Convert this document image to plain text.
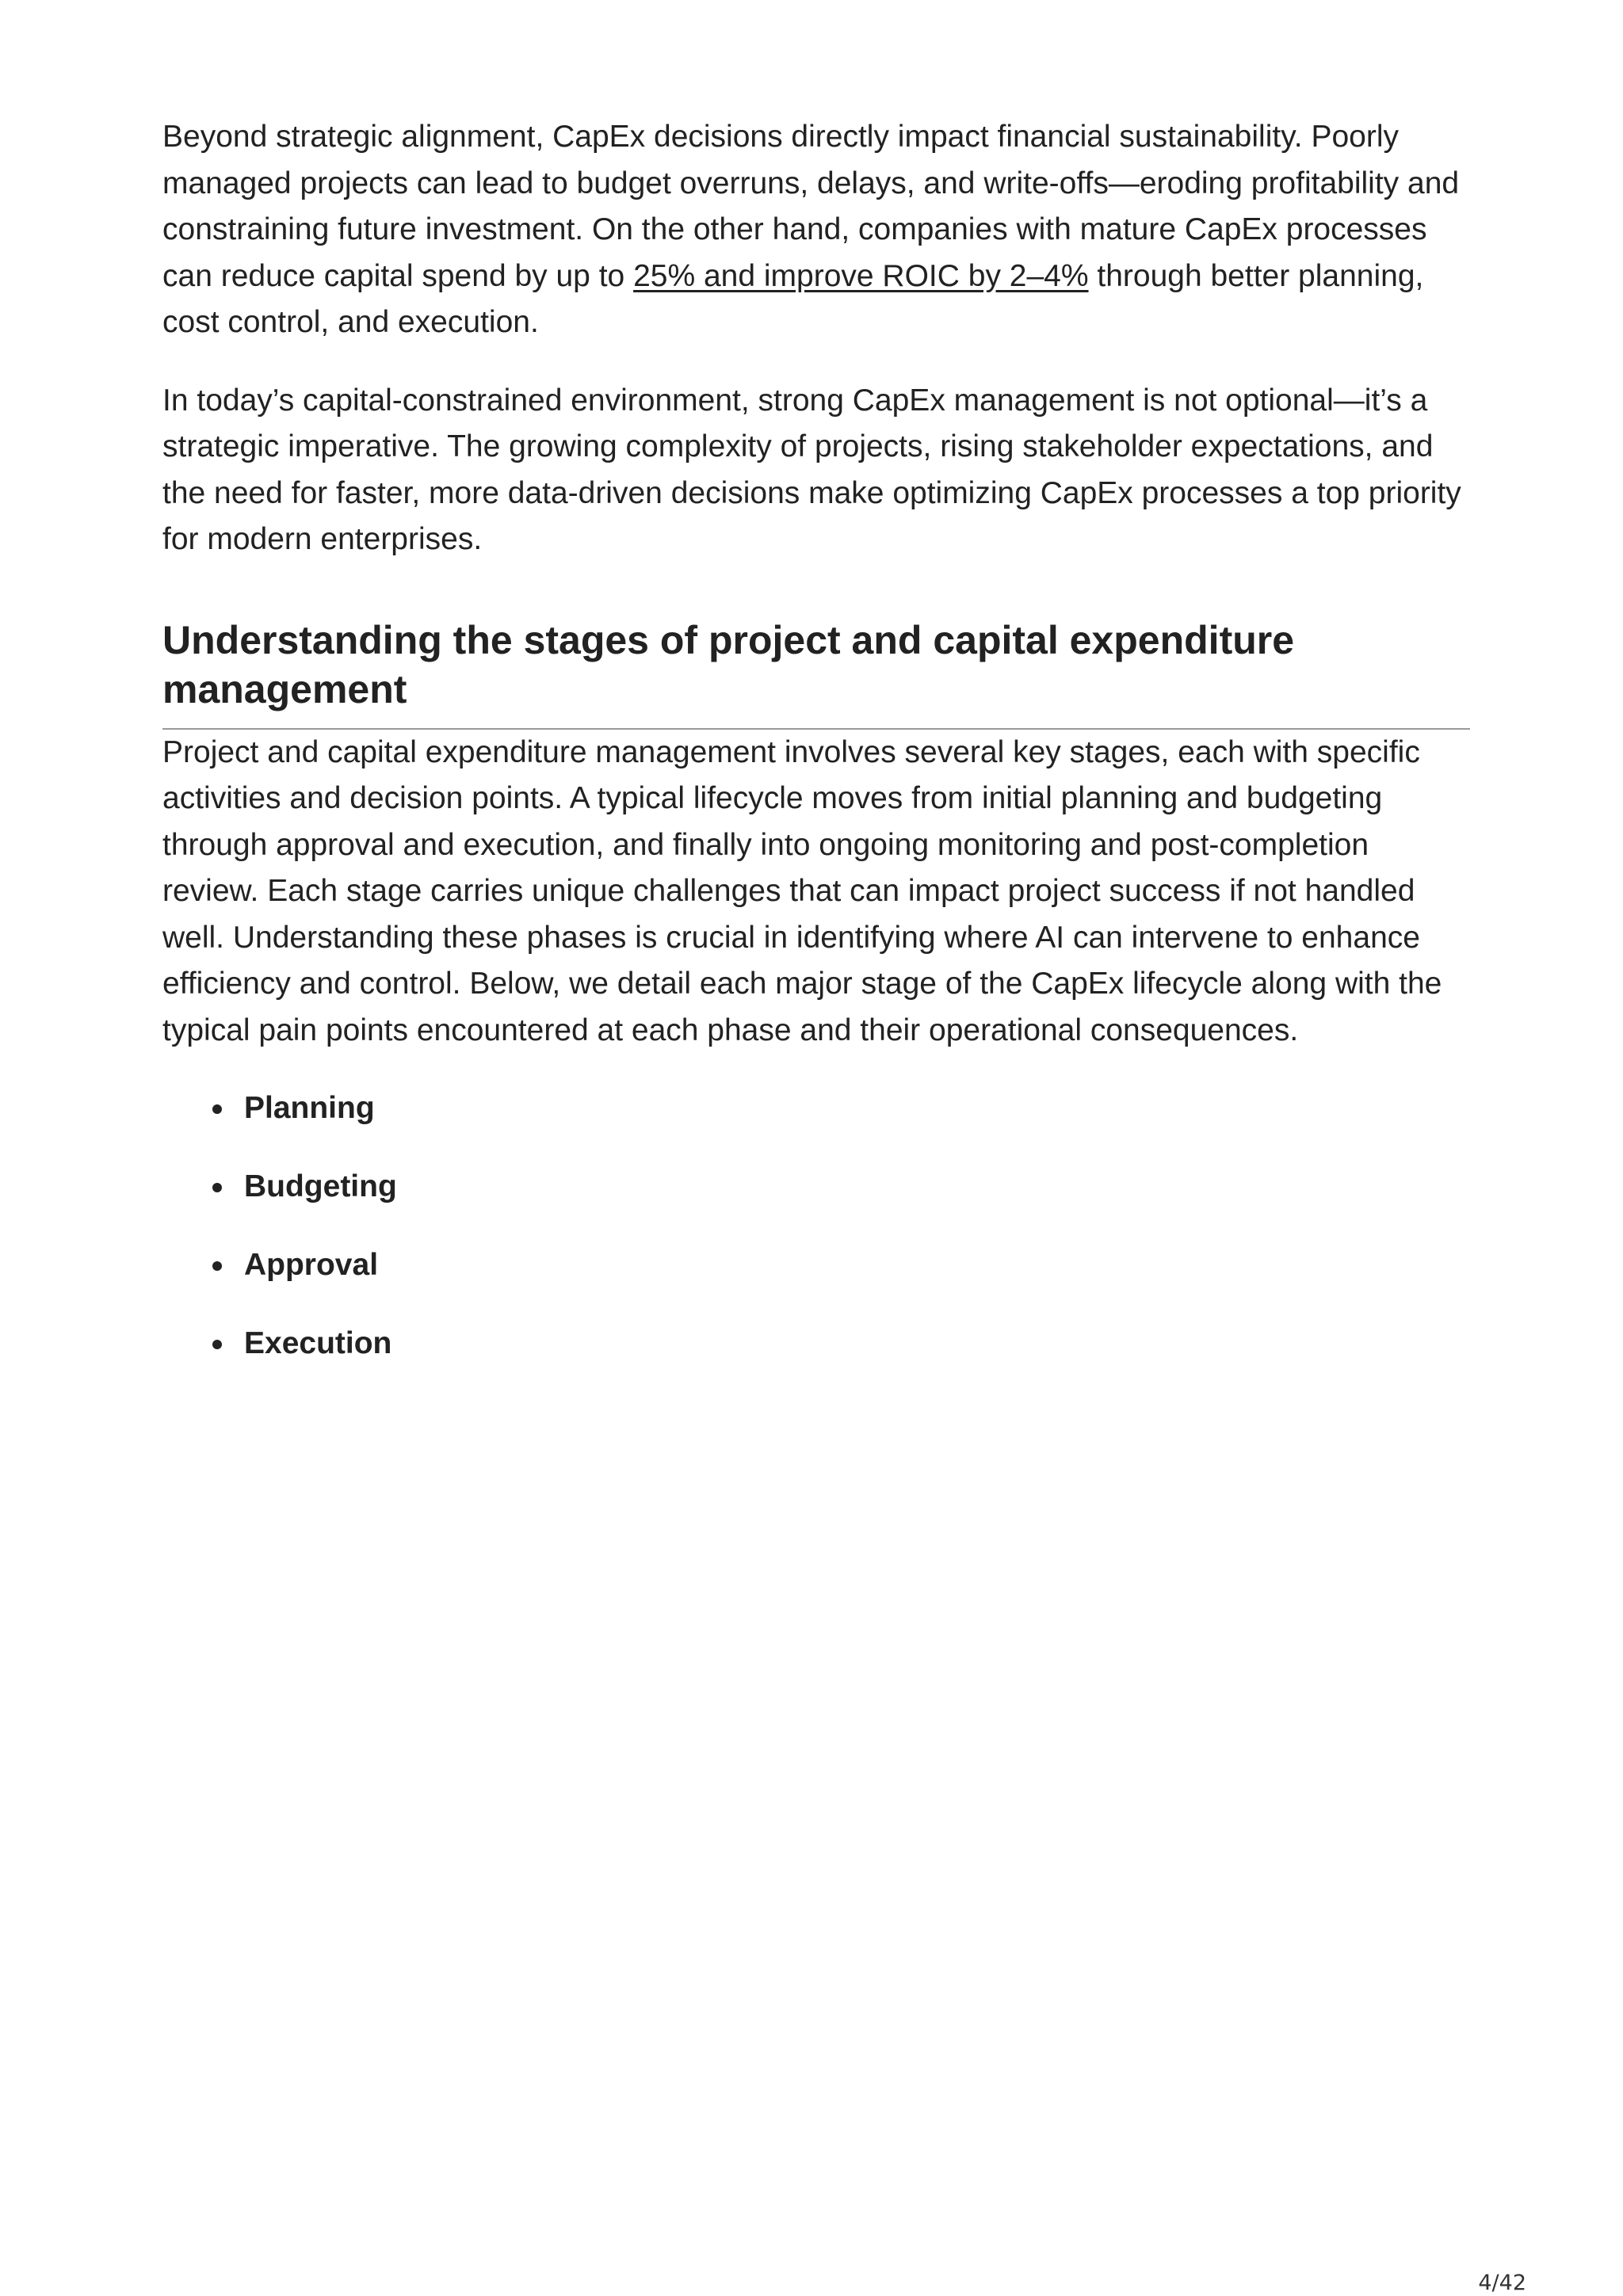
Beyond strategic alignment, CapEx decisions directly impact financial sustainability. Poorly managed projects can lead to budget overruns, delays, and write-offs—eroding profitability and constraining future investment. On the other hand, companies with mature CapEx processes can reduce capital spend by up to 25% and improve ROIC by 2–4% through better planning, cost control, and execution.

In today’s capital-constrained environment, strong CapEx management is not optional—it’s a strategic imperative. The growing complexity of projects, rising stakeholder expectations, and the need for faster, more data-driven decisions make optimizing CapEx processes a top priority for modern enterprises.

Understanding the stages of project and capital expenditure management

Project and capital expenditure management involves several key stages, each with specific activities and decision points. A typical lifecycle moves from initial planning and budgeting through approval and execution, and finally into ongoing monitoring and post-completion review. Each stage carries unique challenges that can impact project success if not handled well. Understanding these phases is crucial in identifying where AI can intervene to enhance efficiency and control. Below, we detail each major stage of the CapEx lifecycle along with the typical pain points encountered at each phase and their operational consequences.

Planning
Budgeting
Approval
Execution
4/42
